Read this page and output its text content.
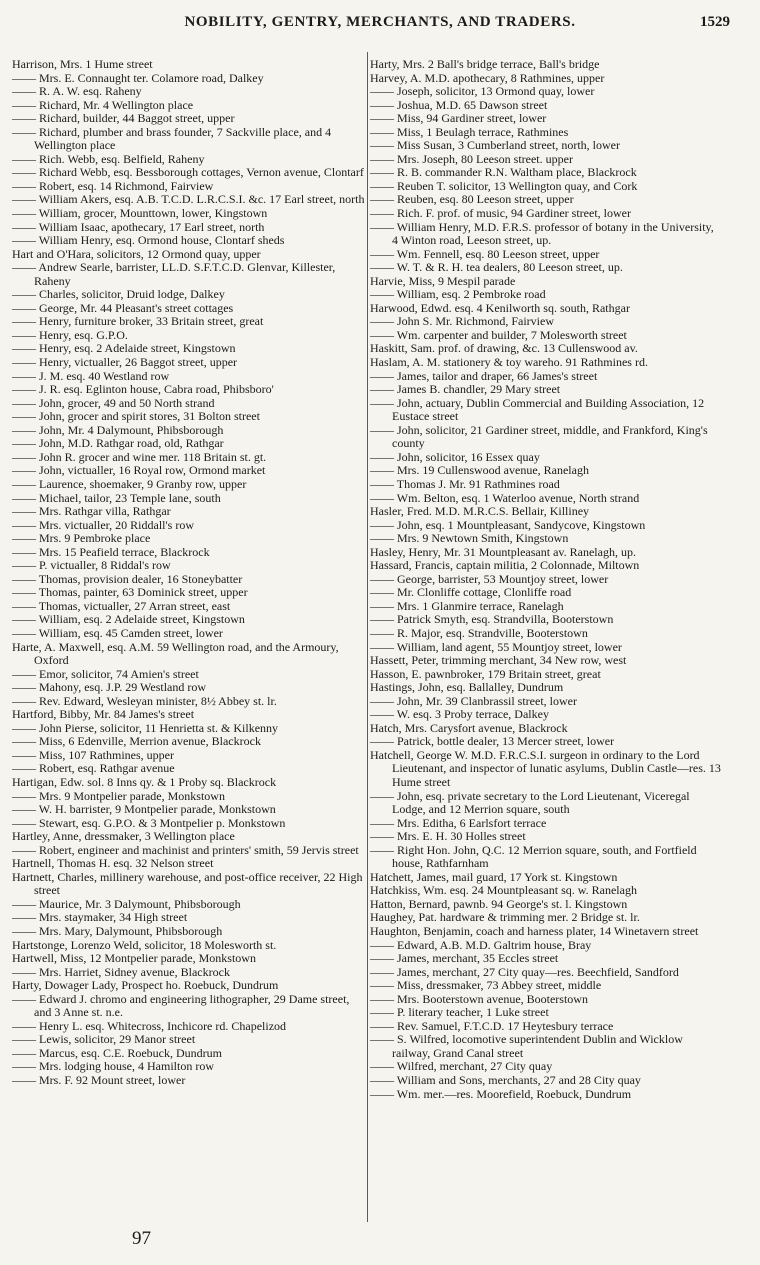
NOBILITY, GENTRY, MERCHANTS, AND TRADERS.	1529

Harrison, Mrs. 1 Hume street

—— Mrs. E. Connaught ter. Colamore road, Dalkey

—— R. A. W. esq. Raheny

—— Richard, Mr. 4 Wellington place

—— Richard, builder, 44 Baggot street, upper

—— Richard, plumber and brass founder, 7 Sackville place, and 4 Wellington place

—— Rich. Webb, esq. Belfield, Raheny

—— Richard Webb, esq. Bessborough cottages, Vernon avenue, Clontarf

—— Robert, esq. 14 Richmond, Fairview

—— William Akers, esq. A.B. T.C.D. L.R.C.S.I. &c. 17 Earl street, north

—— William, grocer, Mounttown, lower, Kingstown

—— William Isaac, apothecary, 17 Earl street, north

—— William Henry, esq. Ormond house, Clontarf sheds

Hart and O'Hara, solicitors, 12 Ormond quay, upper

—— Andrew Searle, barrister, LL.D. S.F.T.C.D. Glenvar, Killester, Raheny

—— Charles, solicitor, Druid lodge, Dalkey

—— George, Mr. 44 Pleasant's street cottages

—— Henry, furniture broker, 33 Britain street, great

—— Henry, esq. G.P.O.

—— Henry, esq. 2 Adelaide street, Kingstown

—— Henry, victualler, 26 Baggot street, upper

—— J. M. esq. 40 Westland row

—— J. R. esq. Eglinton house, Cabra road, Phibsboro'

—— John, grocer, 49 and 50 North strand

—— John, grocer and spirit stores, 31 Bolton street

—— John, Mr. 4 Dalymount, Phibsborough

—— John, M.D. Rathgar road, old, Rathgar

—— John R. grocer and wine mer. 118 Britain st. gt.

—— John, victualler, 16 Royal row, Ormond market

—— Laurence, shoemaker, 9 Granby row, upper

—— Michael, tailor, 23 Temple lane, south

—— Mrs. Rathgar villa, Rathgar

—— Mrs. victualler, 20 Riddall's row

—— Mrs. 9 Pembroke place

—— Mrs. 15 Peafield terrace, Blackrock

—— P. victualler, 8 Riddal's row

—— Thomas, provision dealer, 16 Stoneybatter

—— Thomas, painter, 63 Dominick street, upper

—— Thomas, victualler, 27 Arran street, east

—— William, esq. 2 Adelaide street, Kingstown

—— William, esq. 45 Camden street, lower

Harte, A. Maxwell, esq. A.M. 59 Wellington road, and the Armoury, Oxford

—— Emor, solicitor, 74 Amien's street

—— Mahony, esq. J.P. 29 Westland row

—— Rev. Edward, Wesleyan minister, 8½ Abbey st. lr.

Hartford, Bibby, Mr. 84 James's street

—— John Pierse, solicitor, 11 Henrietta st. & Kilkenny

—— Miss, 6 Edenville, Merrion avenue, Blackrock

—— Miss, 107 Rathmines, upper

—— Robert, esq. Rathgar avenue

Hartigan, Edw. sol. 8 Inns qy. & 1 Proby sq. Blackrock

—— Mrs. 9 Montpelier parade, Monkstown

—— W. H. barrister, 9 Montpelier parade, Monkstown

—— Stewart, esq. G.P.O. & 3 Montpelier p. Monkstown

Hartley, Anne, dressmaker, 3 Wellington place

—— Robert, engineer and machinist and printers' smith, 59 Jervis street

Hartnell, Thomas H. esq. 32 Nelson street

Hartnett, Charles, millinery warehouse, and post-office receiver, 22 High street

—— Maurice, Mr. 3 Dalymount, Phibsborough

—— Mrs. staymaker, 34 High street

—— Mrs. Mary, Dalymount, Phibsborough

Hartstonge, Lorenzo Weld, solicitor, 18 Molesworth st.

Hartwell, Miss, 12 Montpelier parade, Monkstown

—— Mrs. Harriet, Sidney avenue, Blackrock

Harty, Dowager Lady, Prospect ho. Roebuck, Dundrum

—— Edward J. chromo and engineering lithographer, 29 Dame street, and 3 Anne st. n.e.

—— Henry L. esq. Whitecross, Inchicore rd. Chapelizod

—— Lewis, solicitor, 29 Manor street

—— Marcus, esq. C.E. Roebuck, Dundrum

—— Mrs. lodging house, 4 Hamilton row

—— Mrs. F. 92 Mount street, lower

Harty, Mrs. 2 Ball's bridge terrace, Ball's bridge

Harvey, A. M.D. apothecary, 8 Rathmines, upper

—— Joseph, solicitor, 13 Ormond quay, lower

—— Joshua, M.D. 65 Dawson street

—— Miss, 94 Gardiner street, lower

—— Miss, 1 Beulagh terrace, Rathmines

—— Miss Susan, 3 Cumberland street, north, lower

—— Mrs. Joseph, 80 Leeson street. upper

—— R. B. commander R.N. Waltham place, Blackrock

—— Reuben T. solicitor, 13 Wellington quay, and Cork

—— Reuben, esq. 80 Leeson street, upper

—— Rich. F. prof. of music, 94 Gardiner street, lower

—— William Henry, M.D. F.R.S. professor of botany in the University, 4 Winton road, Leeson street, up.

—— Wm. Fennell, esq. 80 Leeson street, upper

—— W. T. & R. H. tea dealers, 80 Leeson street, up.

Harvie, Miss, 9 Mespil parade

—— William, esq. 2 Pembroke road

Harwood, Edwd. esq. 4 Kenilworth sq. south, Rathgar

—— John S. Mr. Richmond, Fairview

—— Wm. carpenter and builder, 7 Molesworth street

Haskitt, Sam. prof. of drawing, &c. 13 Cullenswood av.

Haslam, A. M. stationery & toy wareho. 91 Rathmines rd.

—— James, tailor and draper, 66 James's street

—— James B. chandler, 29 Mary street

—— John, actuary, Dublin Commercial and Building Association, 12 Eustace street

—— John, solicitor, 21 Gardiner street, middle, and Frankford, King's county

—— John, solicitor, 16 Essex quay

—— Mrs. 19 Cullenswood avenue, Ranelagh

—— Thomas J. Mr. 91 Rathmines road

—— Wm. Belton, esq. 1 Waterloo avenue, North strand

Hasler, Fred. M.D. M.R.C.S. Bellair, Killiney

—— John, esq. 1 Mountpleasant, Sandycove, Kingstown

—— Mrs. 9 Newtown Smith, Kingstown

Hasley, Henry, Mr. 31 Mountpleasant av. Ranelagh, up.

Hassard, Francis, captain militia, 2 Colonnade, Miltown

—— George, barrister, 53 Mountjoy street, lower

—— Mr. Clonliffe cottage, Clonliffe road

—— Mrs. 1 Glanmire terrace, Ranelagh

—— Patrick Smyth, esq. Strandvilla, Booterstown

—— R. Major, esq. Strandville, Booterstown

—— William, land agent, 55 Mountjoy street, lower

Hassett, Peter, trimming merchant, 34 New row, west

Hasson, E. pawnbroker, 179 Britain street, great

Hastings, John, esq. Ballalley, Dundrum

—— John, Mr. 39 Clanbrassil street, lower

—— W. esq. 3 Proby terrace, Dalkey

Hatch, Mrs. Carysfort avenue, Blackrock

—— Patrick, bottle dealer, 13 Mercer street, lower

Hatchell, George W. M.D. F.R.C.S.I. surgeon in ordinary to the Lord Lieutenant, and inspector of lunatic asylums, Dublin Castle—res. 13 Hume street

—— John, esq. private secretary to the Lord Lieutenant, Viceregal Lodge, and 12 Merrion square, south

—— Mrs. Editha, 6 Earlsfort terrace

—— Mrs. E. H. 30 Holles street

—— Right Hon. John, Q.C. 12 Merrion square, south, and Fortfield house, Rathfarnham

Hatchett, James, mail guard, 17 York st. Kingstown

Hatchkiss, Wm. esq. 24 Mountpleasant sq. w. Ranelagh

Hatton, Bernard, pawnb. 94 George's st. l. Kingstown

Haughey, Pat. hardware & trimming mer. 2 Bridge st. lr.

Haughton, Benjamin, coach and harness plater, 14 Winetavern street

—— Edward, A.B. M.D. Galtrim house, Bray

—— James, merchant, 35 Eccles street

—— James, merchant, 27 City quay—res. Beechfield, Sandford

—— Miss, dressmaker, 73 Abbey street, middle

—— Mrs. Booterstown avenue, Booterstown

—— P. literary teacher, 1 Luke street

—— Rev. Samuel, F.T.C.D. 17 Heytesbury terrace

—— S. Wilfred, locomotive superintendent Dublin and Wicklow railway, Grand Canal street

—— Wilfred, merchant, 27 City quay

—— William and Sons, merchants, 27 and 28 City quay

—— Wm. mer.—res. Moorefield, Roebuck, Dundrum

97
